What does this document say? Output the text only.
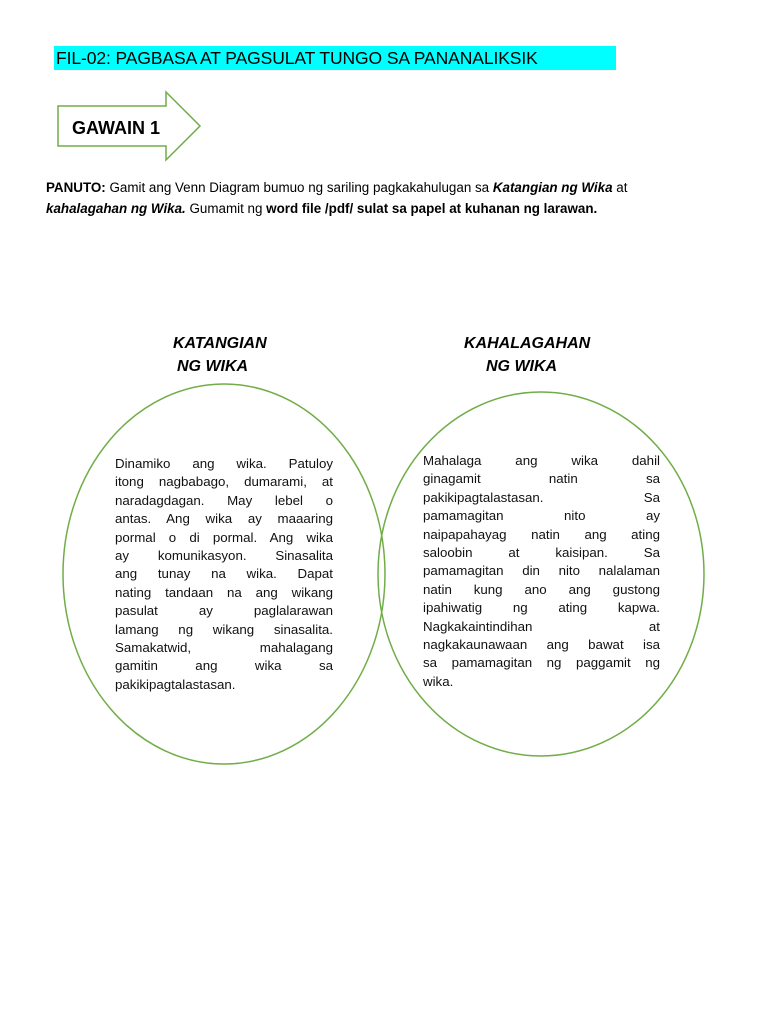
FIL-02: PAGBASA AT PAGSULAT TUNGO SA PANANALIKSIK
GAWAIN 1

PANUTO: Gamit ang Venn Diagram bumuo ng sariling pagkakahulugan sa Katangian ng Wika at

kahalagahan ng Wika. Gumamit ng word file /pdf/ sulat sa papel at kuhanan ng larawan.

KATANGIAN
NG WIKA
KAHALAGAHAN
NG WIKA
Dinamiko ang wika. Patuloy
itong nagbabago, dumarami, at
naradagdagan. May lebel o
antas. Ang wika ay maaaring
pormal o di pormal. Ang wika
ay komunikasyon. Sinasalita
ang tunay na wika. Dapat
nating tandaan na ang wikang
pasulat ay paglalarawan
lamang ng wikang sinasalita.
Samakatwid, mahalagang
gamitin ang wika sa
pakikipagtalastasan.
Mahalaga ang wika dahil
ginagamit natin sa
pakikipagtalastasan. Sa
pamamagitan nito ay
naipapahayag natin ang ating
saloobin at kaisipan. Sa
pamamagitan din nito nalalaman
natin kung ano ang gustong
ipahiwatig ng ating kapwa.
Nagkakaintindihan at
nagkakaunawaan ang bawat isa
sa pamamagitan ng paggamit ng
wika.
